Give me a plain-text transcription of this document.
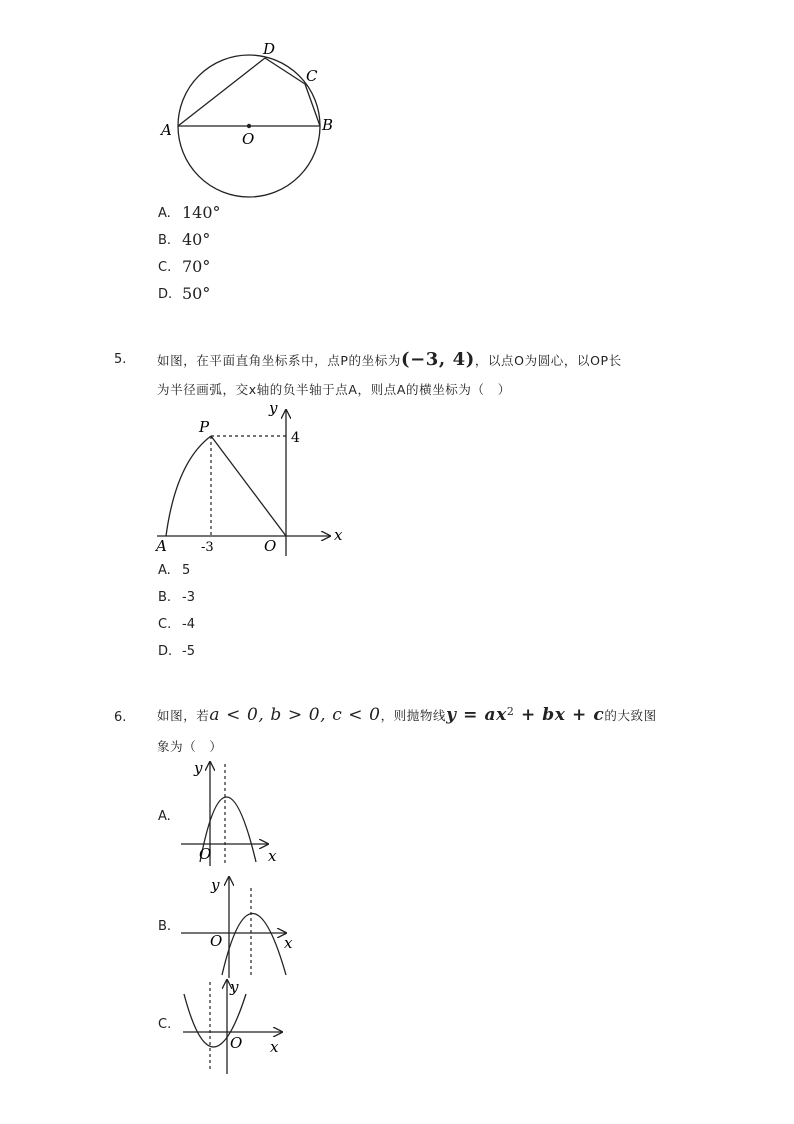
D
C
A	O
B
A. 140°
B. 40°
C. 70°
D. 50°
5. 如图，在平面直角坐标系中，点P的坐标为(−3, 4)，以点O为圆心，以OP长
为半径画弧，交x轴的负半轴于点A，则点A的横坐标为（　）
y
P
4
x
A	-3	O
A. 5
B. -3
C. -4
D. -5
6. 如图，若a < 0, b > 0, c < 0，则抛物线$y = ax^2$ + bx + c的大致图
象为（　）
A.
y
O	x
B.
y
O	x
C.
y
O x
